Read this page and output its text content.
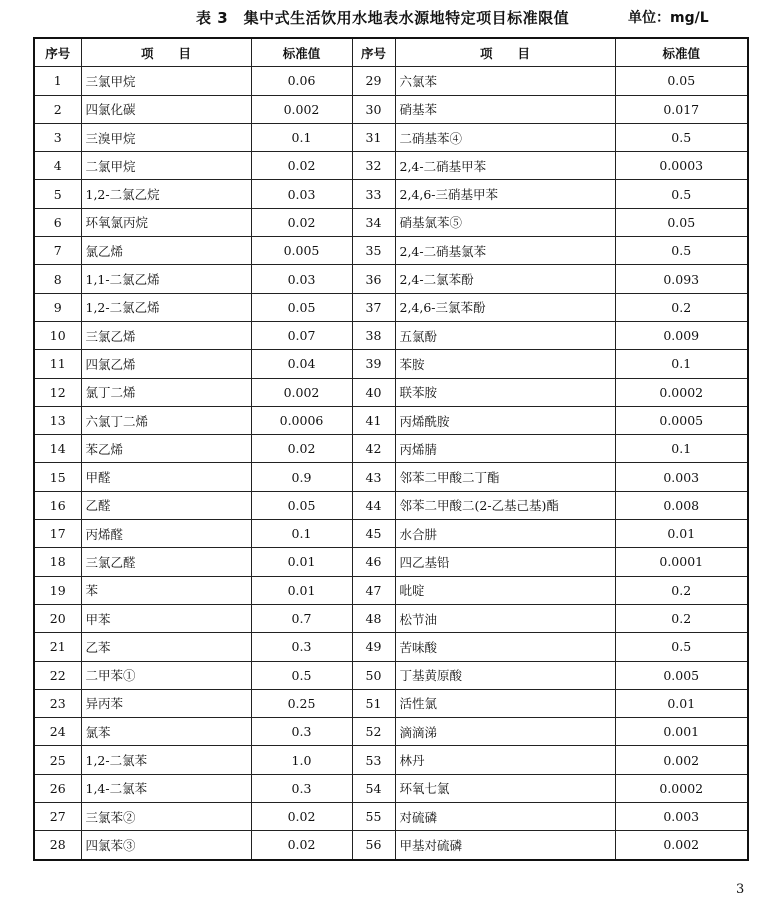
表 3　集中式生活饮用水地表水源地特定项目标准限值	单位：mg/L
序号	项　　目	标准值	序号	项　　目	标准值
1	三氯甲烷	0.06	29	六氯苯	0.05
2	四氯化碳	0.002	30	硝基苯	0.017
3	三溴甲烷	0.1	31	二硝基苯④	0.5
4	二氯甲烷	0.02	32	2,4-二硝基甲苯	0.0003
5	1,2-二氯乙烷	0.03	33	2,4,6-三硝基甲苯	0.5
6	环氧氯丙烷	0.02	34	硝基氯苯⑤	0.05
7	氯乙烯	0.005	35	2,4-二硝基氯苯	0.5
8	1,1-二氯乙烯	0.03	36	2,4-二氯苯酚	0.093
9	1,2-二氯乙烯	0.05	37	2,4,6-三氯苯酚	0.2
10	三氯乙烯	0.07	38	五氯酚	0.009
11	四氯乙烯	0.04	39	苯胺	0.1
12	氯丁二烯	0.002	40	联苯胺	0.0002
13	六氯丁二烯	0.0006	41	丙烯酰胺	0.0005
14	苯乙烯	0.02	42	丙烯腈	0.1
15	甲醛	0.9	43	邻苯二甲酸二丁酯	0.003
16	乙醛	0.05	44	邻苯二甲酸二(2-乙基己基)酯	0.008
17	丙烯醛	0.1	45	水合肼	0.01
18	三氯乙醛	0.01	46	四乙基铅	0.0001
19	苯	0.01	47	吡啶	0.2
20	甲苯	0.7	48	松节油	0.2
21	乙苯	0.3	49	苦味酸	0.5
22	二甲苯①	0.5	50	丁基黄原酸	0.005
23	异丙苯	0.25	51	活性氯	0.01
24	氯苯	0.3	52	滴滴涕	0.001
25	1,2-二氯苯	1.0	53	林丹	0.002
26	1,4-二氯苯	0.3	54	环氧七氯	0.0002
27	三氯苯②	0.02	55	对硫磷	0.003
28	四氯苯③	0.02	56	甲基对硫磷	0.002
3
